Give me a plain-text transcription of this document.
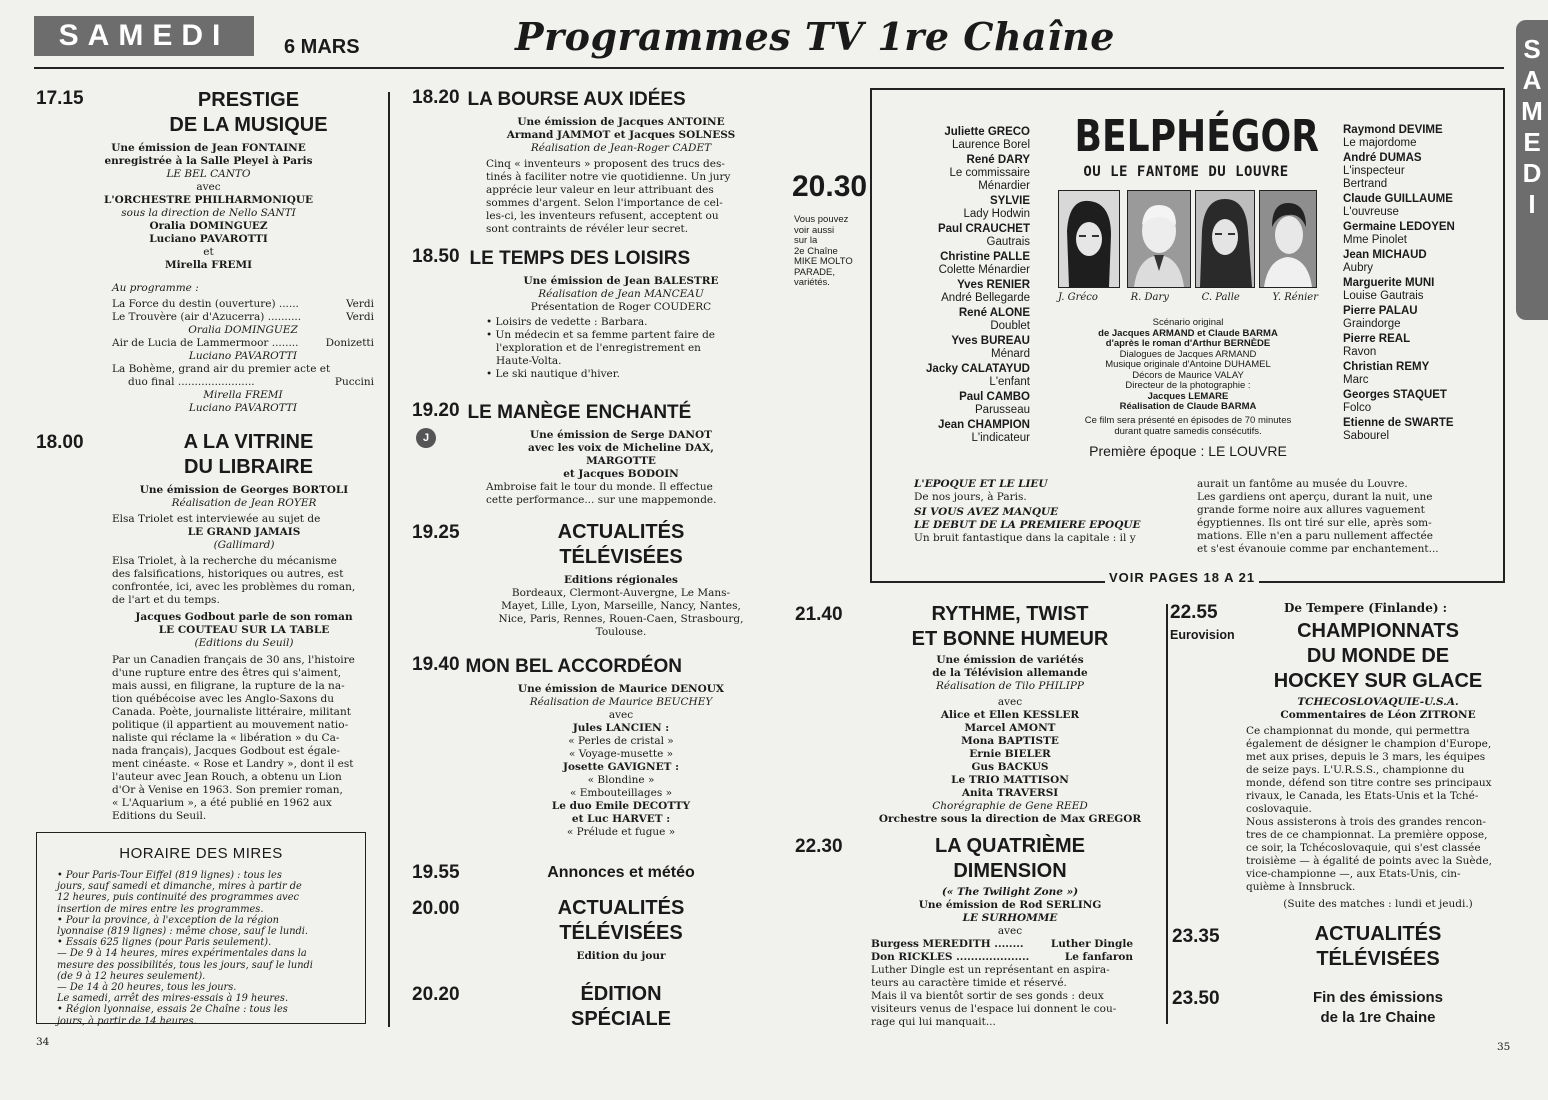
SAMEDI	6 MARS	Programmes TV 1re Chaîne	S
A
M
E
D
I
17.15	PRESTIGE
DE LA MUSIQUE
Une émission de Jean FONTAINE
enregistrée à la Salle Pleyel à Paris
LE BEL CANTO
avec
L'ORCHESTRE PHILHARMONIQUE
sous la direction de Nello SANTI
Oralia DOMINGUEZ
Luciano PAVAROTTI
et
Mirella FREMI
Au programme :
La Force du destin (ouverture) ......	Verdi
Le Trouvère (air d'Azucerra) ..........	Verdi
Oralia DOMINGUEZ
Air de Lucia de Lammermoor ........	Donizetti
Luciano PAVAROTTI
La Bohème, grand air du premier acte et
duo final .......................	Puccini
Mirella FREMI
Luciano PAVAROTTI
18.00	A LA VITRINE
DU LIBRAIRE
Une émission de Georges BORTOLI
Réalisation de Jean ROYER
Elsa Triolet est interviewée au sujet de
LE GRAND JAMAIS
(Gallimard)
Elsa Triolet, à la recherche du mécanisme
des falsifications, historiques ou autres, est
confrontée, ici, avec les problèmes du roman,
de l'art et du temps.
Jacques Godbout parle de son roman
LE COUTEAU SUR LA TABLE
(Editions du Seuil)
Par un Canadien français de 30 ans, l'histoire
d'une rupture entre des êtres qui s'aiment,
mais aussi, en filigrane, la rupture de la na-
tion québécoise avec les Anglo-Saxons du
Canada. Poète, journaliste littéraire, militant
politique (il appartient au mouvement natio-
naliste qui réclame la « libération » du Ca-
nada français), Jacques Godbout est égale-
ment cinéaste. « Rose et Landry », dont il est
l'auteur avec Jean Rouch, a obtenu un Lion
d'Or à Venise en 1963. Son premier roman,
« L'Aquarium », a été publié en 1962 aux
Editions du Seuil.
HORAIRE DES MIRES
• Pour Paris-Tour Eiffel (819 lignes) : tous les
jours, sauf samedi et dimanche, mires à partir de
12 heures, puis continuité des programmes avec
insertion de mires entre les programmes.
• Pour la province, à l'exception de la région
lyonnaise (819 lignes) : même chose, sauf le lundi.
• Essais 625 lignes (pour Paris seulement).
— De 9 à 14 heures, mires expérimentales dans la
mesure des possibilités, tous les jours, sauf le lundi
(de 9 à 12 heures seulement).
— De 14 à 20 heures, tous les jours.
Le samedi, arrêt des mires-essais à 19 heures.
• Région lyonnaise, essais 2e Chaîne : tous les
jours, à partir de 14 heures.
34
18.20 LA BOURSE AUX IDÉES
Une émission de Jacques ANTOINE
Armand JAMMOT et Jacques SOLNESS
Réalisation de Jean-Roger CADET
Cinq « inventeurs » proposent des trucs des-
tinés à faciliter notre vie quotidienne. Un jury
apprécie leur valeur en leur attribuant des
sommes d'argent. Selon l'importance de cel-
les-ci, les inventeurs refusent, acceptent ou
sont contraints de révéler leur secret.
18.50 LE TEMPS DES LOISIRS
Une émission de Jean BALESTRE
Réalisation de Jean MANCEAU
Présentation de Roger COUDERC
• Loisirs de vedette : Barbara.
• Un médecin et sa femme partent faire de
l'exploration et de l'enregistrement en
Haute-Volta.
• Le ski nautique d'hiver.
19.20 LE MANÈGE ENCHANTÉ
J	Une émission de Serge DANOT
avec les voix de Micheline DAX,
MARGOTTE
et Jacques BODOIN
Ambroise fait le tour du monde. Il effectue
cette performance... sur une mappemonde.
19.25	ACTUALITÉS
TÉLÉVISÉES
Editions régionales
Bordeaux, Clermont-Auvergne, Le Mans-
Mayet, Lille, Lyon, Marseille, Nancy, Nantes,
Nice, Paris, Rennes, Rouen-Caen, Strasbourg,
Toulouse.
19.40 MON BEL ACCORDÉON
Une émission de Maurice DENOUX
Réalisation de Maurice BEUCHEY
avec
Jules LANCIEN :
« Perles de cristal »
« Voyage-musette »
Josette GAVIGNET :
« Blondine »
« Embouteillages »
Le duo Emile DECOTTY
et Luc HARVET :
« Prélude et fugue »
19.55	Annonces et météo
20.00	ACTUALITÉS
TÉLÉVISÉES
Edition du jour
20.20	ÉDITION
SPÉCIALE
20.30
Vous pouvez
voir aussi
sur la
2e Chaîne
MIKE MOLTO
PARADE,
variétés.
Juliette GRECO
Laurence Borel
René DARY
Le commissaire
Ménardier
SYLVIE
Lady Hodwin
Paul CRAUCHET
Gautrais
Christine PALLE
Colette Ménardier
Yves RENIER
André Bellegarde
René ALONE
Doublet
Yves BUREAU
Ménard
Jacky CALATAYUD
L'enfant
Paul CAMBO
Parusseau
Jean CHAMPION
L'indicateur
BELPHÉGOR
OU LE FANTOME DU LOUVRE
J. Gréco	R. Dary	C. Palle	Y. Rénier
Scénario original
de Jacques ARMAND et Claude BARMA
d'après le roman d'Arthur BERNÈDE
Dialogues de Jacques ARMAND
Musique originale d'Antoine DUHAMEL
Décors de Maurice VALAY
Directeur de la photographie :
Jacques LEMARE
Réalisation de Claude BARMA
Ce film sera présenté en épisodes de 70 minutes
durant quatre samedis consécutifs.
Première époque : LE LOUVRE
Raymond DEVIME
Le majordome
André DUMAS
L'inspecteur
Bertrand
Claude GUILLAUME
L'ouvreuse
Germaine LEDOYEN
Mme Pinolet
Jean MICHAUD
Aubry
Marguerite MUNI
Louise Gautrais
Pierre PALAU
Graindorge
Pierre REAL
Ravon
Christian REMY
Marc
Georges STAQUET
Folco
Etienne de SWARTE
Sabourel
L'EPOQUE ET LE LIEU
De nos jours, à Paris.
SI VOUS AVEZ MANQUE
LE DEBUT DE LA PREMIERE EPOQUE
Un bruit fantastique dans la capitale : il y
aurait un fantôme au musée du Louvre.
Les gardiens ont aperçu, durant la nuit, une
grande forme noire aux allures vaguement
égyptiennes. Ils ont tiré sur elle, après som-
mations. Elle n'en a paru nullement affectée
et s'est évanouie comme par enchantement...
VOIR PAGES 18 A 21
21.40	RYTHME, TWIST
ET BONNE HUMEUR
Une émission de variétés
de la Télévision allemande
Réalisation de Tilo PHILIPP
avec
Alice et Ellen KESSLER
Marcel AMONT
Mona BAPTISTE
Ernie BIELER
Gus BACKUS
Le TRIO MATTISON
Anita TRAVERSI
Chorégraphie de Gene REED
Orchestre sous la direction de Max GREGOR
22.30	LA QUATRIÈME
DIMENSION
(« The Twilight Zone »)
Une émission de Rod SERLING
LE SURHOMME
avec
Burgess MEREDITH ........	Luther Dingle
Don RICKLES ....................	Le fanfaron
Luther Dingle est un représentant en aspira-
teurs au caractère timide et réservé.
Mais il va bientôt sortir de ses gonds : deux
visiteurs venus de l'espace lui donnent le cou-
rage qui lui manquait...
22.55
Eurovision
De Tempere (Finlande) :
CHAMPIONNATS
DU MONDE DE
HOCKEY SUR GLACE
TCHECOSLOVAQUIE-U.S.A.
Commentaires de Léon ZITRONE
Ce championnat du monde, qui permettra
également de désigner le champion d'Europe,
met aux prises, depuis le 3 mars, les équipes
de seize pays. L'U.R.S.S., championne du
monde, défend son titre contre ses principaux
rivaux, le Canada, les Etats-Unis et la Tché-
coslovaquie.
Nous assisterons à trois des grandes rencon-
tres de ce championnat. La première oppose,
ce soir, la Tchécoslovaquie, qui s'est classée
troisième — à égalité de points avec la Suède,
vice-championne —, aux Etats-Unis, cin-
quième à Innsbruck.
(Suite des matches : lundi et jeudi.)
23.35	ACTUALITÉS
TÉLÉVISÉES
23.50	Fin des émissions
de la 1re Chaine
35
